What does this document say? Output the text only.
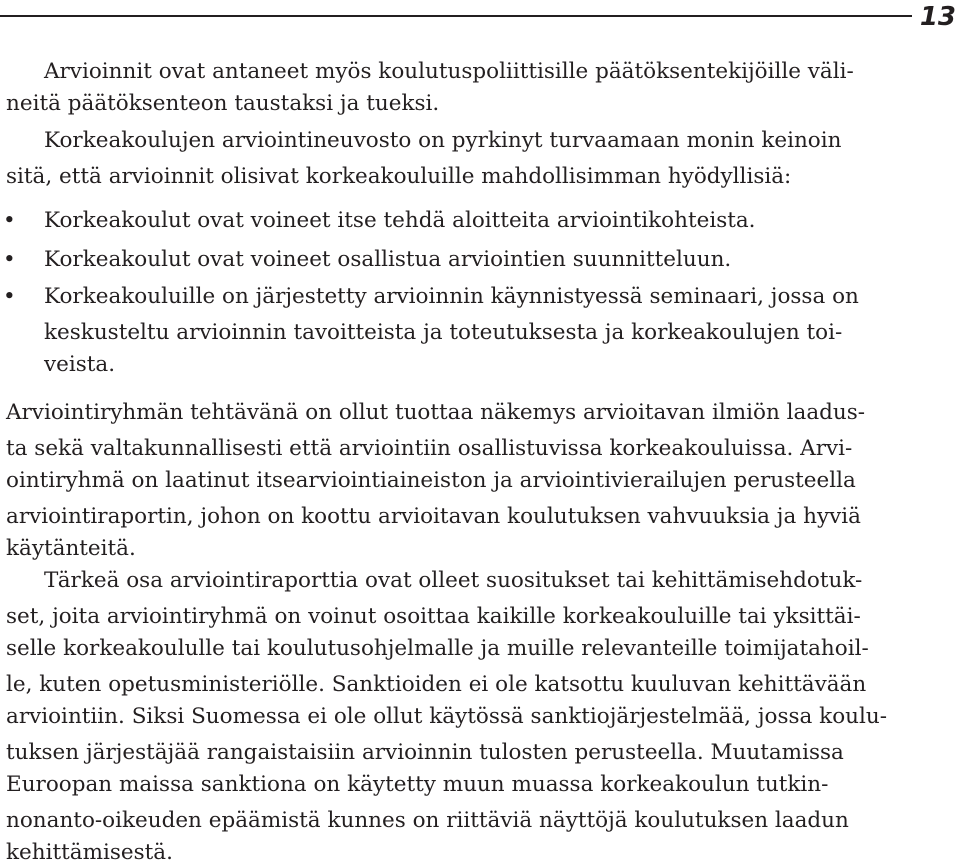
13
Arvioinnit ovat antaneet myös koulutuspoliittisille päätöksentekijöille väli-
neitä päätöksenteon taustaksi ja tueksi.
Korkeakoulujen arviointineuvosto on pyrkinyt turvaamaan monin keinoin
sitä, että arvioinnit olisivat korkeakouluille mahdollisimman hyödyllisiä:
• Korkeakoulut ovat voineet itse tehdä aloitteita arviointikohteista.
• Korkeakoulut ovat voineet osallistua arviointien suunnitteluun.
• Korkeakouluille on järjestetty arvioinnin käynnistyessä seminaari, jossa on
keskusteltu arvioinnin tavoitteista ja toteutuksesta ja korkeakoulujen toi-
veista.
Arviointiryhmän tehtävänä on ollut tuottaa näkemys arvioitavan ilmiön laadus-
ta sekä valtakunnallisesti että arviointiin osallistuvissa korkeakouluissa. Arvi-
ointiryhmä on laatinut itsearviointiaineiston ja arviointivierailujen perusteella
arviointiraportin, johon on koottu arvioitavan koulutuksen vahvuuksia ja hyviä
käytänteitä.
Tärkeä osa arviointiraporttia ovat olleet suositukset tai kehittämisehdotuk-
set, joita arviointiryhmä on voinut osoittaa kaikille korkeakouluille tai yksittäi-
selle korkeakoululle tai koulutusohjelmalle ja muille relevanteille toimijatahoil-
le, kuten opetusministeriölle. Sanktioiden ei ole katsottu kuuluvan kehittävään
arviointiin. Siksi Suomessa ei ole ollut käytössä sanktiojärjestelmää, jossa koulu-
tuksen järjestäjää rangaistaisiin arvioinnin tulosten perusteella. Muutamissa
Euroopan maissa sanktiona on käytetty muun muassa korkeakoulun tutkin-
nonanto-oikeuden epäämistä kunnes on riittäviä näyttöjä koulutuksen laadun
kehittämisestä.
